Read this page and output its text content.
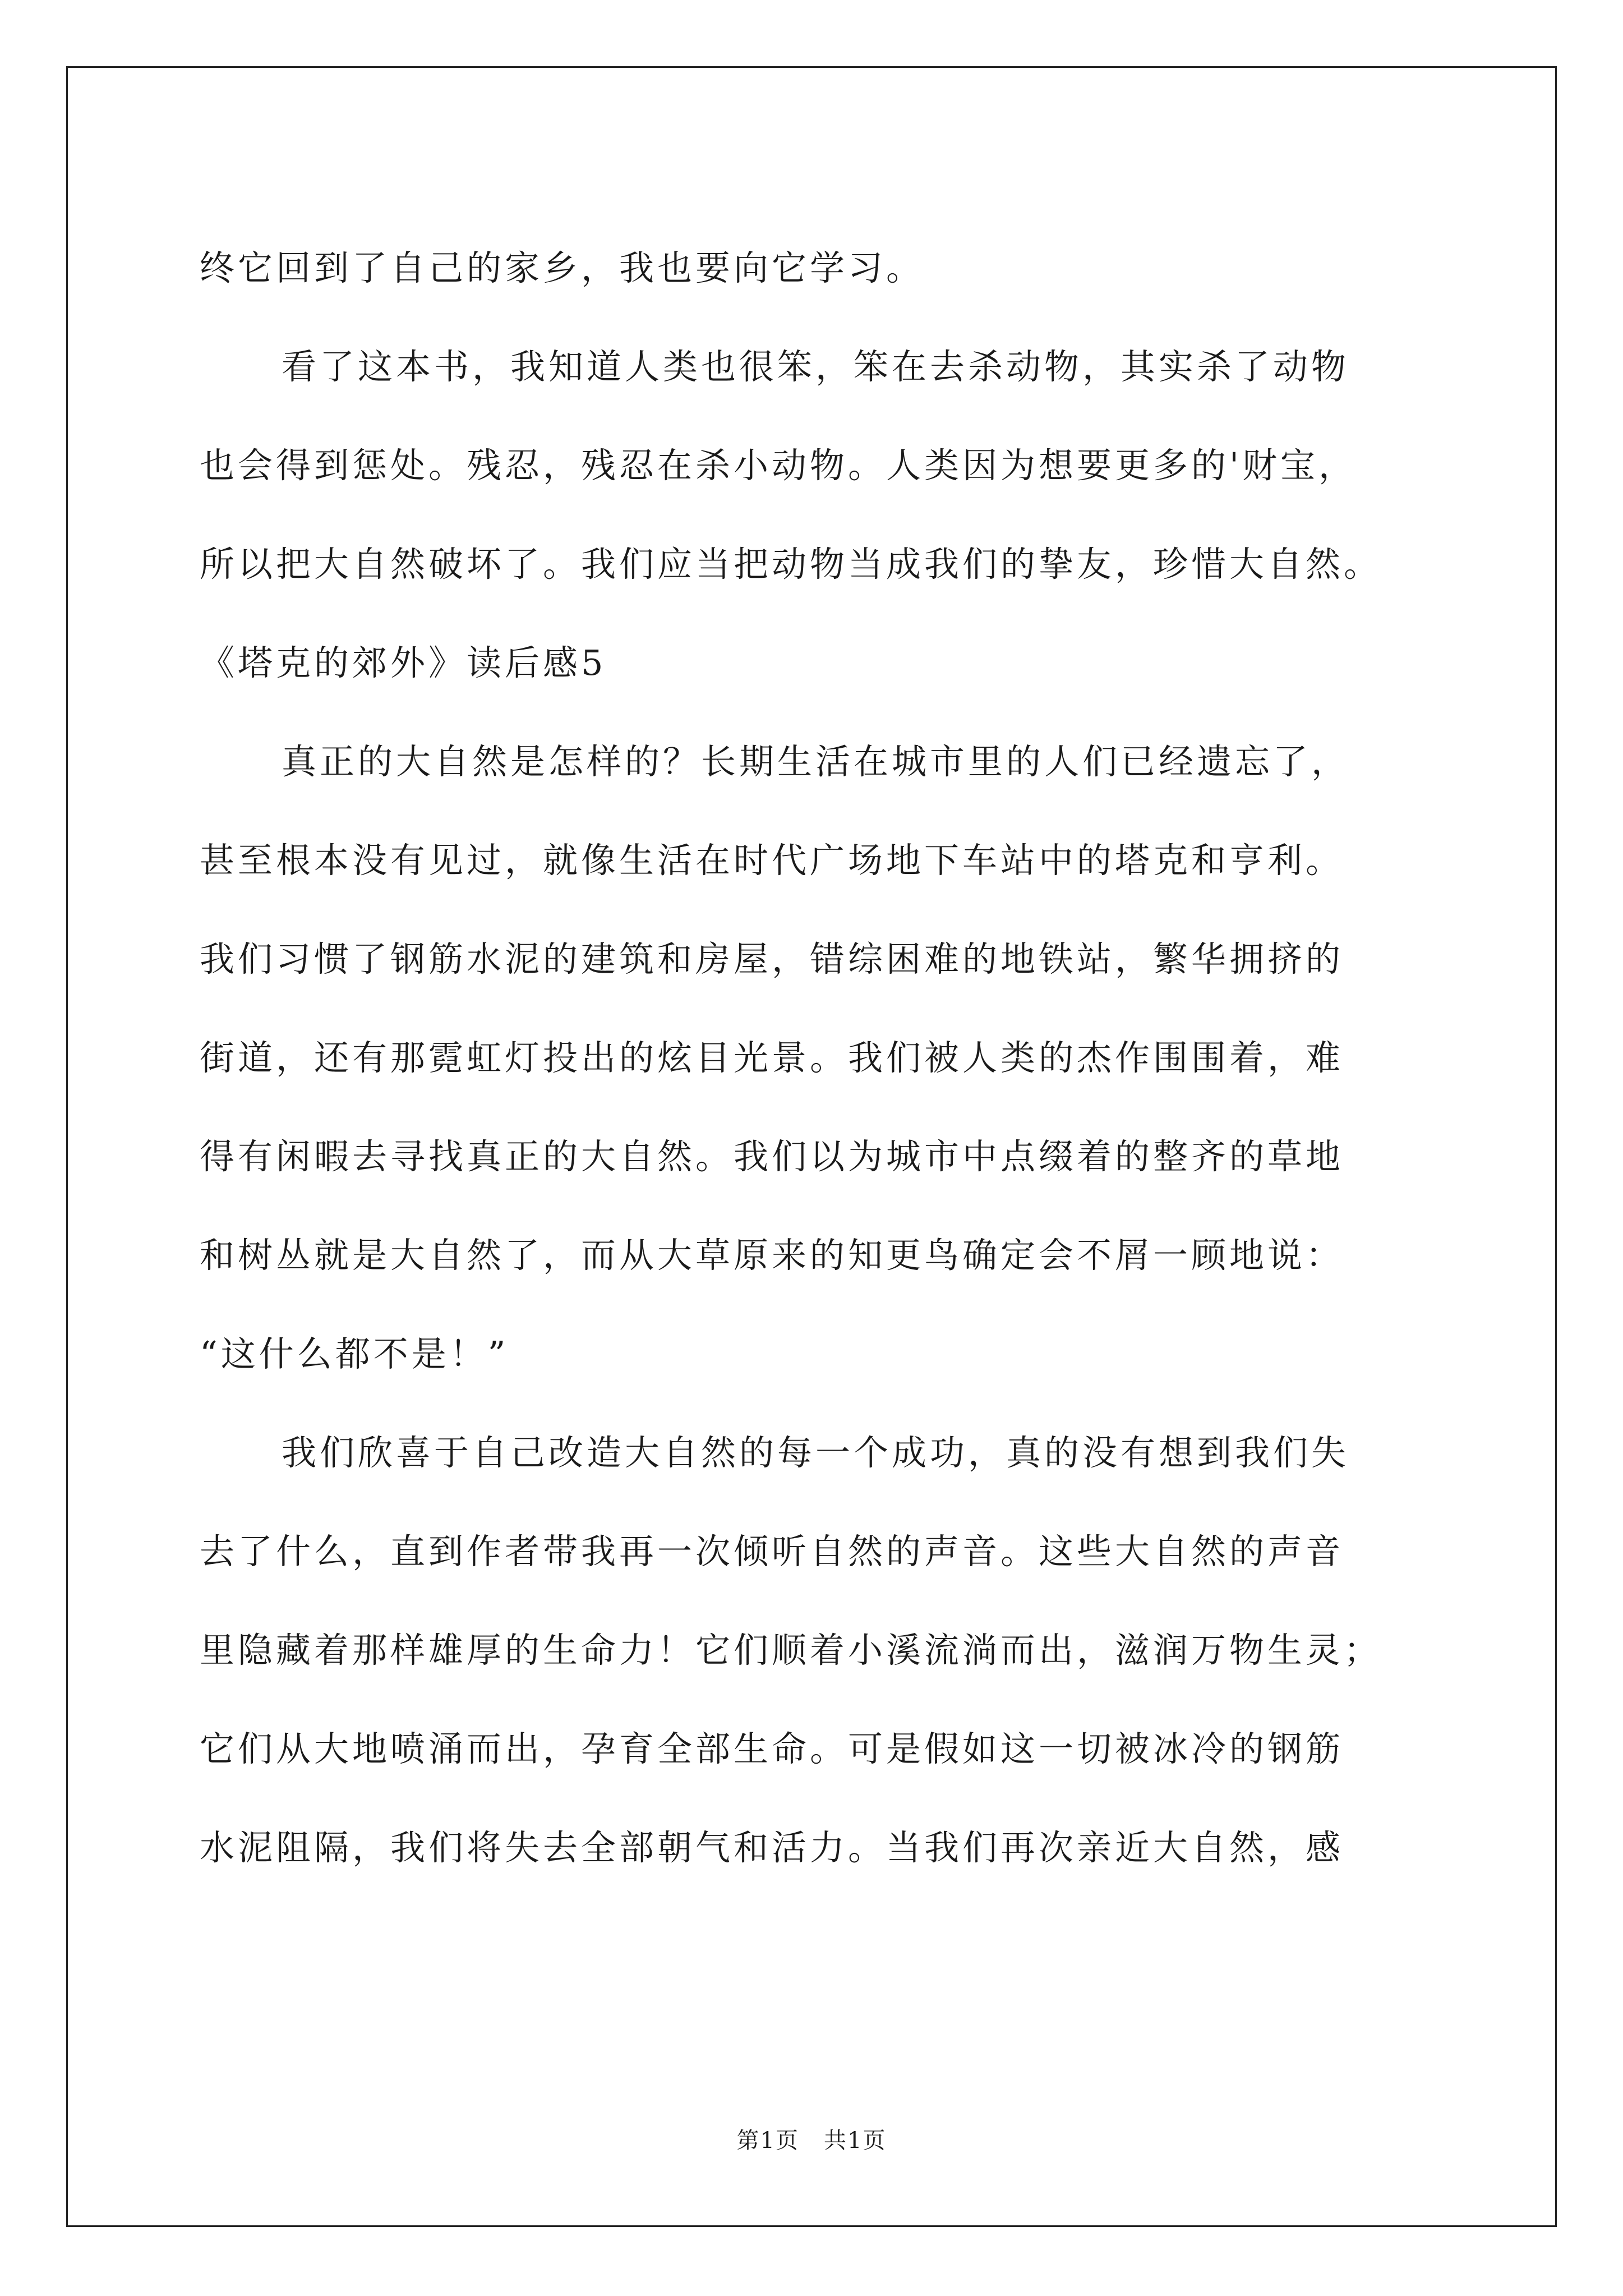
终它回到了自己的家乡，我也要向它学习。
看了这本书，我知道人类也很笨，笨在去杀动物，其实杀了动物
也会得到惩处。残忍，残忍在杀小动物。人类因为想要更多的'财宝，
所以把大自然破坏了。我们应当把动物当成我们的挚友，珍惜大自然。
《塔克的郊外》读后感5
真正的大自然是怎样的？长期生活在城市里的人们已经遗忘了，
甚至根本没有见过，就像生活在时代广场地下车站中的塔克和亨利。
我们习惯了钢筋水泥的建筑和房屋，错综困难的地铁站，繁华拥挤的
街道，还有那霓虹灯投出的炫目光景。我们被人类的杰作围围着，难
得有闲暇去寻找真正的大自然。我们以为城市中点缀着的整齐的草地
和树丛就是大自然了，而从大草原来的知更鸟确定会不屑一顾地说：
“这什么都不是！”
我们欣喜于自己改造大自然的每一个成功，真的没有想到我们失
去了什么，直到作者带我再一次倾听自然的声音。这些大自然的声音
里隐藏着那样雄厚的生命力！它们顺着小溪流淌而出，滋润万物生灵；
它们从大地喷涌而出，孕育全部生命。可是假如这一切被冰冷的钢筋
水泥阻隔，我们将失去全部朝气和活力。当我们再次亲近大自然，感
第1页 共1页
